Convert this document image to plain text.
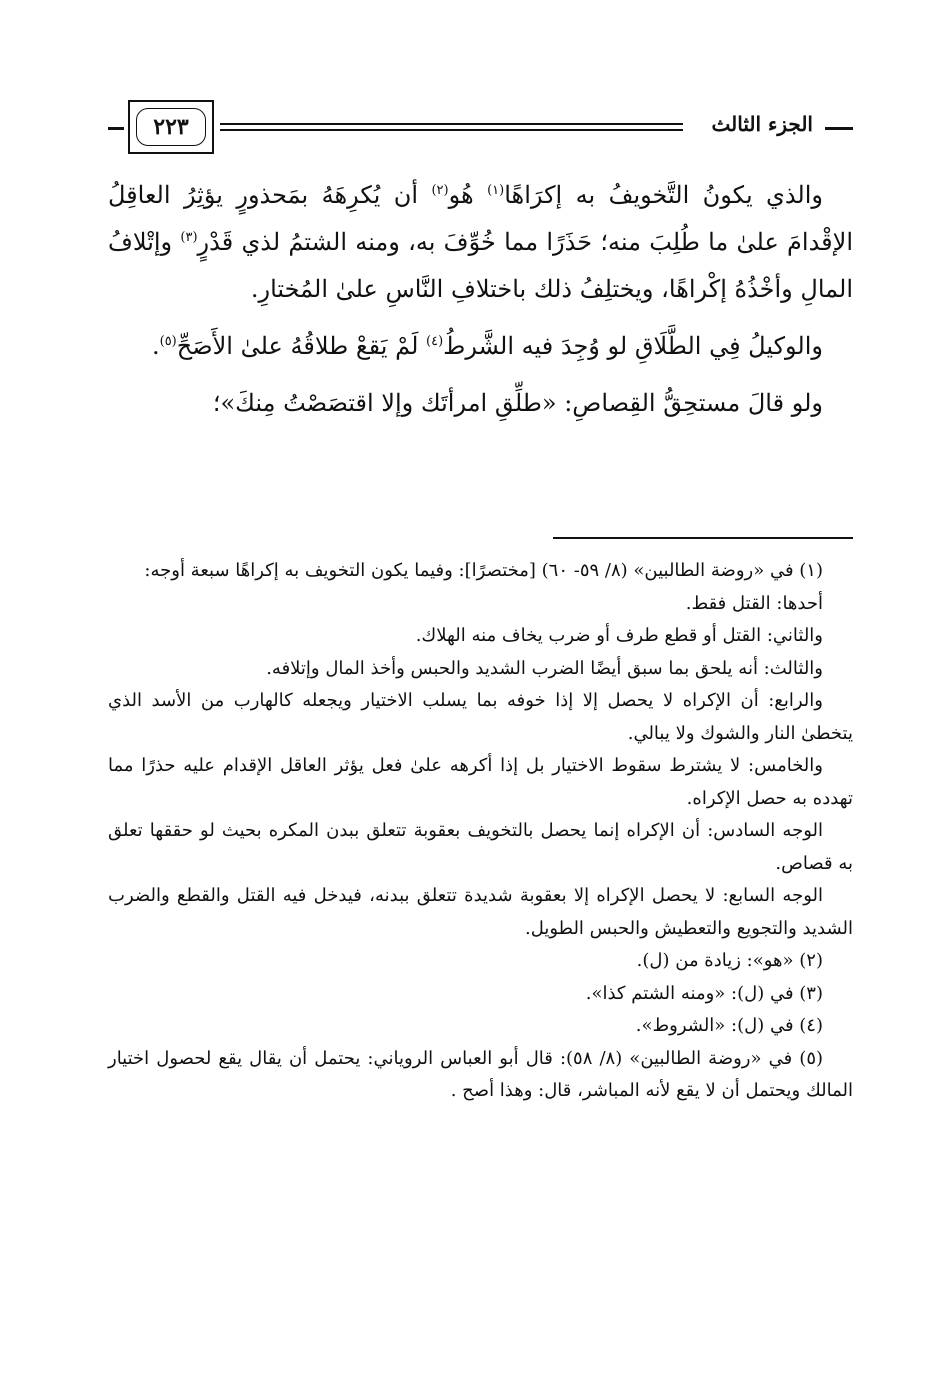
الجزء الثالث
٢٢٣

والذي يكونُ التَّخويفُ به إكرَاهًا$^{(١)}$ هُو$^{(٢)}$ أن يُكرِهَهُ بمَحذورٍ يؤثِرُ العاقِلُ الإقْدامَ علىٰ ما طُلِبَ منه؛ حَذَرًا مما خُوِّفَ به، ومنه الشتمُ لذي قَدْرٍ$^{(٣)}$ وإتْلافُ المالِ وأخْذُهُ إكْراهًا، ويختلِفُ ذلك باختلافِ النَّاسِ علىٰ المُختارِ.

والوكيلُ فِي الطَّلَاقِ لو وُجِدَ فيه الشَّرطُ$^{(٤)}$ لَمْ يَقعْ طلاقُهُ علىٰ الأَصَحِّ$^{(٥)}$.

ولو قالَ مستحِقُّ القِصاصِ: «طلِّقِ امرأتَك وإلا اقتصَصْتُ مِنكَ»؛

(١) في «روضة الطالبين» (٨/ ٥٩- ٦٠) [مختصرًا]: وفيما يكون التخويف به إكراهًا سبعة أوجه:

أحدها: القتل فقط.

والثاني: القتل أو قطع طرف أو ضرب يخاف منه الهلاك.

والثالث: أنه يلحق بما سبق أيضًا الضرب الشديد والحبس وأخذ المال وإتلافه.

والرابع: أن الإكراه لا يحصل إلا إذا خوفه بما يسلب الاختيار ويجعله كالهارب من الأسد الذي يتخطىٰ النار والشوك ولا يبالي.

والخامس: لا يشترط سقوط الاختيار بل إذا أكرهه علىٰ فعل يؤثر العاقل الإقدام عليه حذرًا مما تهدده به حصل الإكراه.

الوجه السادس: أن الإكراه إنما يحصل بالتخويف بعقوبة تتعلق ببدن المكره بحيث لو حققها تعلق به قصاص.

الوجه السابع: لا يحصل الإكراه إلا بعقوبة شديدة تتعلق ببدنه، فيدخل فيه القتل والقطع والضرب الشديد والتجويع والتعطيش والحبس الطويل.

(٢) «هو»: زيادة من (ل).

(٣) في (ل): «ومنه الشتم كذا».

(٤) في (ل): «الشروط».

(٥) في «روضة الطالبين» (٨/ ٥٨): قال أبو العباس الروياني: يحتمل أن يقال يقع لحصول اختيار المالك ويحتمل أن لا يقع لأنه المباشر، قال: وهذا أصح .
